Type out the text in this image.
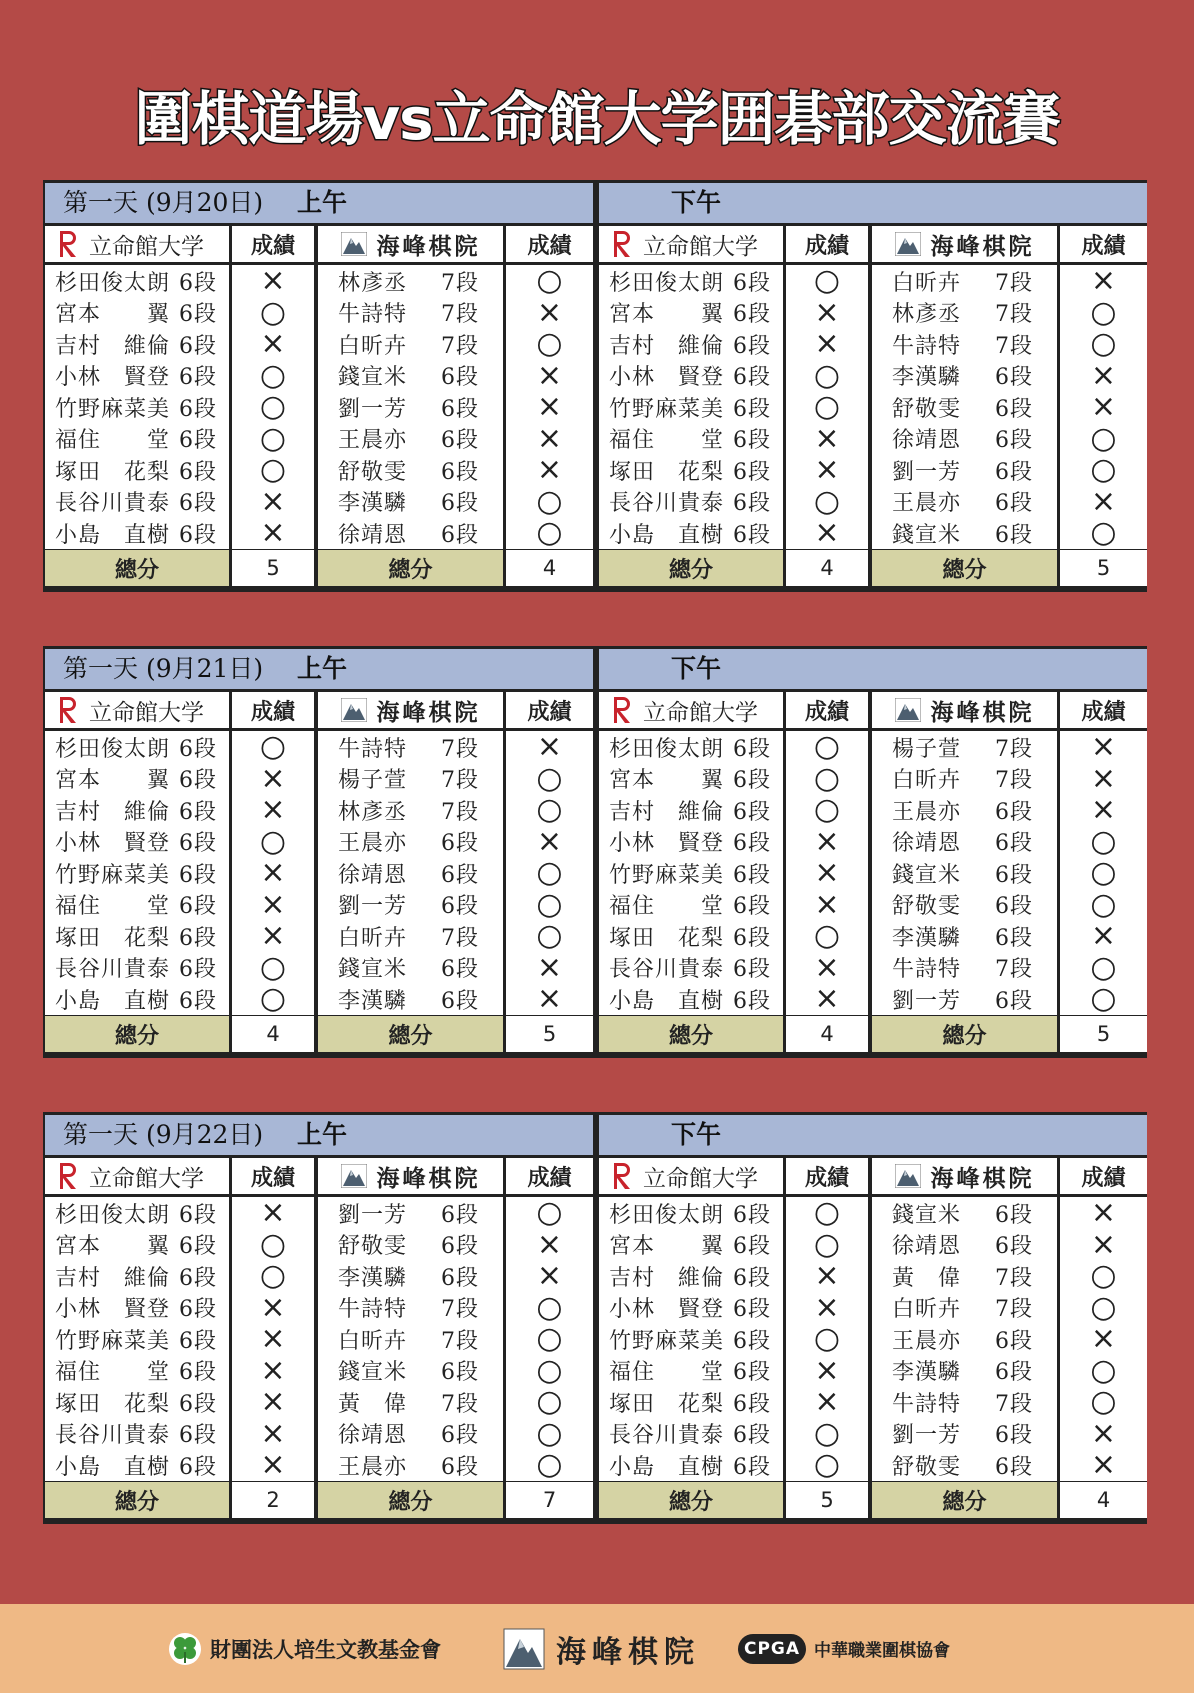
圍棋道場vs立命館大学囲碁部交流賽
第一天 (9月20日) 上午
立命館大学	成績	海峰棋院	成績
杉田俊太朗 6段	× 林彥丞 7段	○
宮本　　翼 6段	○ 牛詩特 7段	×
吉村　維倫 6段	× 白昕卉 7段	○
小林　賢登 6段	○ 錢宣米 6段	×
竹野麻菜美 6段	○ 劉一芳 6段	×
福住　　堂 6段	○ 王晨亦 6段	×
塚田　花梨 6段	○ 舒敬雯 6段	×
長谷川貴泰 6段	× 李漢驎 6段	○
小島　直樹 6段	× 徐靖恩 6段	○
總分	5	總分	4
下午
立命館大学	成績	海峰棋院	成績
杉田俊太朗 6段	○ 白昕卉 7段	×
宮本　　翼 6段	× 林彥丞 7段	○
吉村　維倫 6段	× 牛詩特 7段	○
小林　賢登 6段	○ 李漢驎 6段	×
竹野麻菜美 6段	○ 舒敬雯 6段	×
福住　　堂 6段	× 徐靖恩 6段	○
塚田　花梨 6段	× 劉一芳 6段	○
長谷川貴泰 6段	○ 王晨亦 6段	×
小島　直樹 6段	× 錢宣米 6段	○
總分	4	總分	5
第一天 (9月21日) 上午
立命館大学	成績	海峰棋院	成績
杉田俊太朗 6段	○ 牛詩特 7段	×
宮本　　翼 6段	× 楊子萱 7段	○
吉村　維倫 6段	× 林彥丞 7段	○
小林　賢登 6段	○ 王晨亦 6段	×
竹野麻菜美 6段	× 徐靖恩 6段	○
福住　　堂 6段	× 劉一芳 6段	○
塚田　花梨 6段	× 白昕卉 7段	○
長谷川貴泰 6段	○ 錢宣米 6段	×
小島　直樹 6段	○ 李漢驎 6段	×
總分	4	總分	5
下午
立命館大学	成績	海峰棋院	成績
杉田俊太朗 6段	○ 楊子萱 7段	×
宮本　　翼 6段	○ 白昕卉 7段	×
吉村　維倫 6段	○ 王晨亦 6段	×
小林　賢登 6段	× 徐靖恩 6段	○
竹野麻菜美 6段	× 錢宣米 6段	○
福住　　堂 6段	× 舒敬雯 6段	○
塚田　花梨 6段	○ 李漢驎 6段	×
長谷川貴泰 6段	× 牛詩特 7段	○
小島　直樹 6段	× 劉一芳 6段	○
總分	4	總分	5
第一天 (9月22日) 上午
立命館大学	成績	海峰棋院	成績
杉田俊太朗 6段	× 劉一芳 6段	○
宮本　　翼 6段	○ 舒敬雯 6段	×
吉村　維倫 6段	○ 李漢驎 6段	×
小林　賢登 6段	× 牛詩特 7段	○
竹野麻菜美 6段	× 白昕卉 7段	○
福住　　堂 6段	× 錢宣米 6段	○
塚田　花梨 6段	× 黃　偉 7段	○
長谷川貴泰 6段	× 徐靖恩 6段	○
小島　直樹 6段	× 王晨亦 6段	○
總分	2	總分	7
下午
立命館大学	成績	海峰棋院	成績
杉田俊太朗 6段	○ 錢宣米 6段	×
宮本　　翼 6段	○ 徐靖恩 6段	×
吉村　維倫 6段	× 黃　偉 7段	○
小林　賢登 6段	× 白昕卉 7段	○
竹野麻菜美 6段	○ 王晨亦 6段	×
福住　　堂 6段	× 李漢驎 6段	○
塚田　花梨 6段	× 牛詩特 7段	○
長谷川貴泰 6段	○ 劉一芳 6段	×
小島　直樹 6段	○ 舒敬雯 6段	×
總分	5	總分	4
財團法人培生文教基金會	海峰棋院	CPGA 中華職業圍棋協會
